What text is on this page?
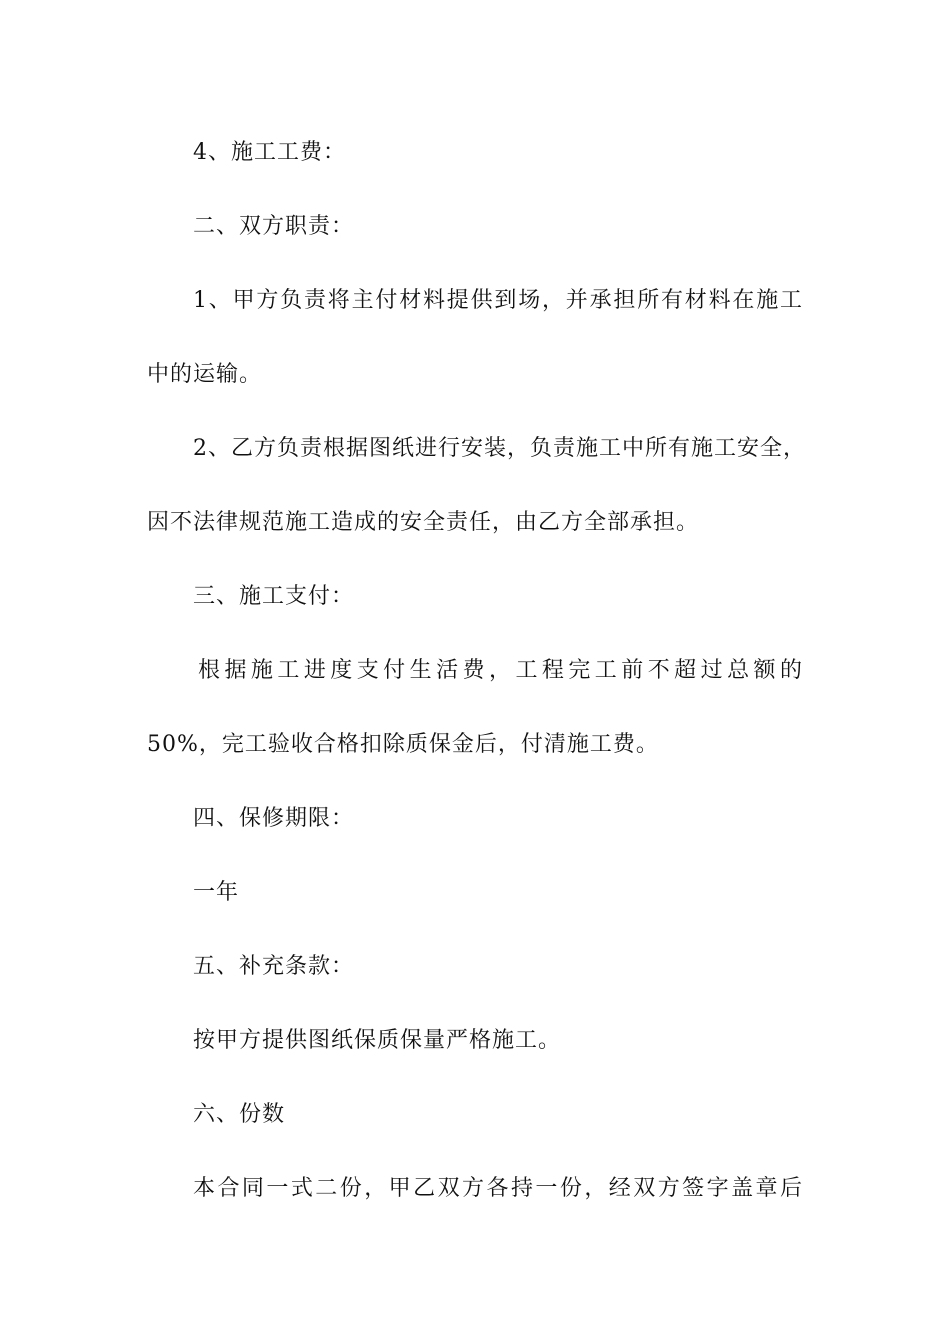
4、施工工费：
二、双方职责：
1、甲方负责将主付材料提供到场，并承担所有材料在施工
中的运输。
2、乙方负责根据图纸进行安装，负责施工中所有施工安全，
因不法律规范施工造成的安全责任，由乙方全部承担。
三、施工支付：
根据施工进度支付生活费，工程完工前不超过总额的
50%，完工验收合格扣除质保金后，付清施工费。
四、保修期限：
一年
五、补充条款：
按甲方提供图纸保质保量严格施工。
六、份数
本合同一式二份，甲乙双方各持一份，经双方签字盖章后
